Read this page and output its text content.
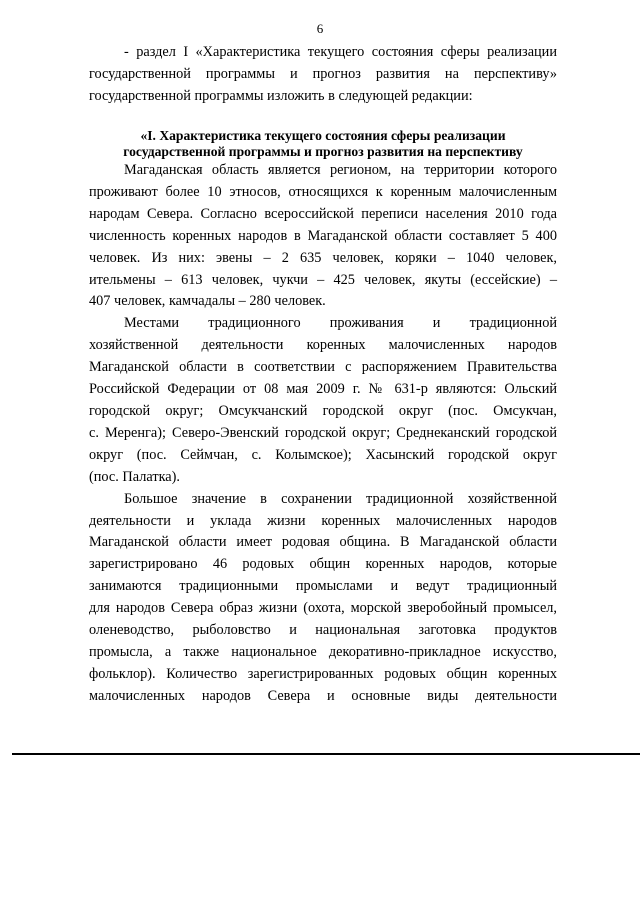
6

- раздел I «Характеристика текущего состояния сферы реализации
государственной программы и прогноз развития на перспективу»
государственной программы изложить в следующей редакции:

«I. Характеристика текущего состояния сферы реализации
государственной программы и прогноз развития на перспективу

Магаданская область является регионом, на территории которого
проживают более 10 этносов, относящихся к коренным малочисленным
народам Севера. Согласно всероссийской переписи населения 2010 года
численность коренных народов в Магаданской области составляет 5 400
человек. Из них: эвены – 2 635 человек, коряки – 1040 человек,
ительмены – 613 человек, чукчи – 425 человек, якуты (ессейские) –
407 человек, камчадалы – 280 человек.

Местами традиционного проживания и традиционной
хозяйственной деятельности коренных малочисленных народов
Магаданской области в соответствии с распоряжением Правительства
Российской Федерации от 08 мая 2009 г. № 631-р являются: Ольский
городской округ; Омсукчанский городской округ (пос. Омсукчан,
с. Меренга); Северо-Эвенский городской округ; Среднеканский городской
округ (пос. Сеймчан, с. Колымское); Хасынский городской округ
(пос. Палатка).

Большое значение в сохранении традиционной хозяйственной
деятельности и уклада жизни коренных малочисленных народов
Магаданской области имеет родовая община. В Магаданской области
зарегистрировано 46 родовых общин коренных народов, которые
занимаются традиционными промыслами и ведут традиционный
для народов Севера образ жизни (охота, морской зверобойный промысел,
оленеводство, рыболовство и национальная заготовка продуктов
промысла, а также национальное декоративно-прикладное искусство,
фольклор). Количество зарегистрированных родовых общин коренных
малочисленных народов Севера и основные виды деятельности
